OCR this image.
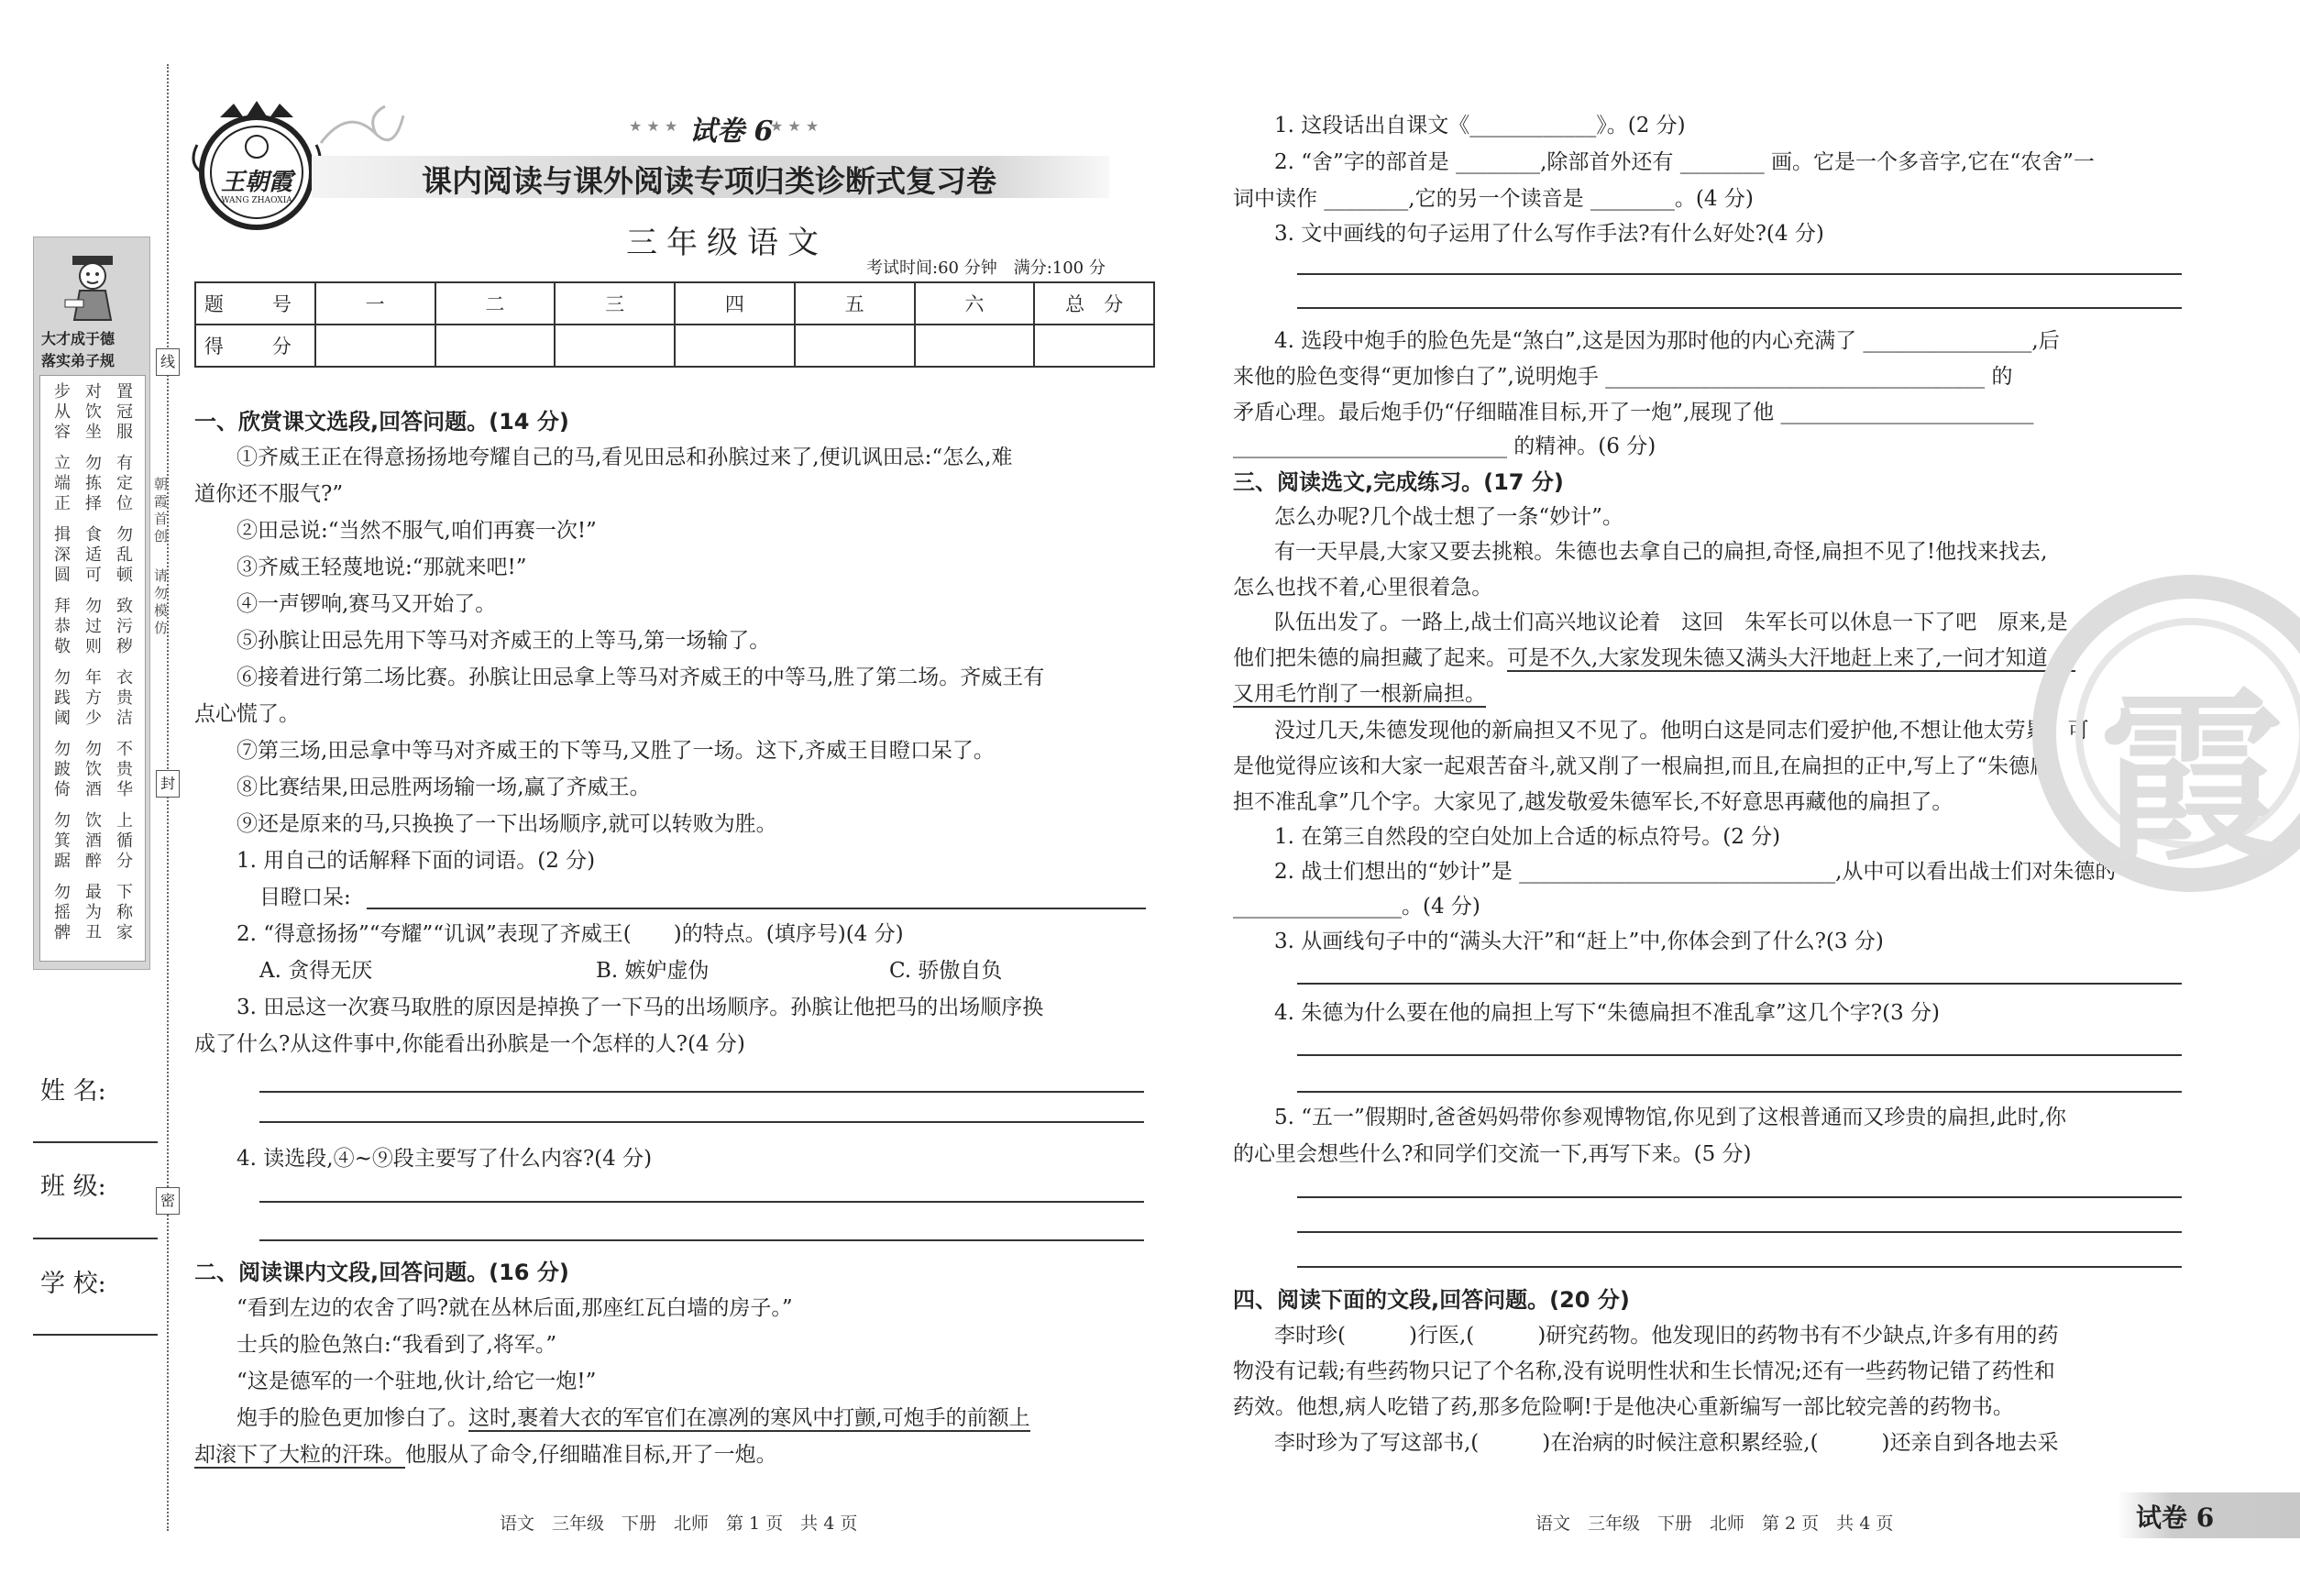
线
封
密
朝霞首创
请勿模仿
大才成于德
落实弟子规
步从容 对饮坐 置冠服
立端正 勿拣择 有定位
揖深圆 食适可 勿乱顿
拜恭敬 勿过则 致污秽
勿践阈 年方少 衣贵洁
勿跛倚 勿饮酒 不贵华
勿箕踞 饮酒醉 上循分
勿摇髀 最为丑 下称家
姓 名:
班 级:
学 校:
王朝霞
WANG ZHAOXIA
★ ★ ★ 试卷 6
★ ★ ★
课内阅读与课外阅读专项归类诊断式复习卷
三年级语文
考试时间:60 分钟　满分:100 分
题　号	一	二	三	四	五	六	总　分
得　分							
一、欣赏课文选段,回答问题。(14 分)
①齐威王正在得意扬扬地夸耀自己的马,看见田忌和孙膑过来了,便讥讽田忌:“怎么,难
道你还不服气?”
②田忌说:“当然不服气,咱们再赛一次!”
③齐威王轻蔑地说:“那就来吧!”
④一声锣响,赛马又开始了。
⑤孙膑让田忌先用下等马对齐威王的上等马,第一场输了。
⑥接着进行第二场比赛。孙膑让田忌拿上等马对齐威王的中等马,胜了第二场。齐威王有
点心慌了。
⑦第三场,田忌拿中等马对齐威王的下等马,又胜了一场。这下,齐威王目瞪口呆了。
⑧比赛结果,田忌胜两场输一场,赢了齐威王。
⑨还是原来的马,只换换了一下出场顺序,就可以转败为胜。
1. 用自己的话解释下面的词语。(2 分)
目瞪口呆:
2. “得意扬扬”“夸耀”“讥讽”表现了齐威王(　　)的特点。(填序号)(4 分)
A. 贪得无厌	B. 嫉妒虚伪	C. 骄傲自负
3. 田忌这一次赛马取胜的原因是掉换了一下马的出场顺序。孙膑让他把马的出场顺序换
成了什么?从这件事中,你能看出孙膑是一个怎样的人?(4 分)
4. 读选段,④~⑨段主要写了什么内容?(4 分)
二、阅读课内文段,回答问题。(16 分)
“看到左边的农舍了吗?就在丛林后面,那座红瓦白墙的房子。”
士兵的脸色煞白:“我看到了,将军。”
“这是德军的一个驻地,伙计,给它一炮!”
炮手的脸色更加惨白了。这时,裹着大衣的军官们在凛冽的寒风中打颤,可炮手的前额上
却滚下了大粒的汗珠。他服从了命令,仔细瞄准目标,开了一炮。
语文　三年级　下册　北师　第 1 页　共 4 页
1. 这段话出自课文《____________》。(2 分)
2. “舍”字的部首是 ________,除部首外还有 ________ 画。它是一个多音字,它在“农舍”一
词中读作 ________,它的另一个读音是 ________。(4 分)
3. 文中画线的句子运用了什么写作手法?有什么好处?(4 分)
4. 选段中炮手的脸色先是“煞白”,这是因为那时他的内心充满了 ________________,后
来他的脸色变得“更加惨白了”,说明炮手 ____________________________________ 的
矛盾心理。最后炮手仍“仔细瞄准目标,开了一炮”,展现了他 ________________________
__________________________ 的精神。(6 分)
三、阅读选文,完成练习。(17 分)
怎么办呢?几个战士想了一条“妙计”。
有一天早晨,大家又要去挑粮。朱德也去拿自己的扁担,奇怪,扁担不见了!他找来找去,
怎么也找不着,心里很着急。
队伍出发了。一路上,战士们高兴地议论着　这回　朱军长可以休息一下了吧　原来,是
他们把朱德的扁担藏了起来。可是不久,大家发现朱德又满头大汗地赶上来了,一问才知道,他
又用毛竹削了一根新扁担。
没过几天,朱德发现他的新扁担又不见了。他明白这是同志们爱护他,不想让他太劳累。可
是他觉得应该和大家一起艰苦奋斗,就又削了一根扁担,而且,在扁担的正中,写上了“朱德扁
担不准乱拿”几个字。大家见了,越发敬爱朱德军长,不好意思再藏他的扁担了。
1. 在第三自然段的空白处加上合适的标点符号。(2 分)
2. 战士们想出的“妙计”是 ______________________________,从中可以看出战士们对朱德的
________________。(4 分)
3. 从画线句子中的“满头大汗”和“赶上”中,你体会到了什么?(3 分)
4. 朱德为什么要在他的扁担上写下“朱德扁担不准乱拿”这几个字?(3 分)
5. “五一”假期时,爸爸妈妈带你参观博物馆,你见到了这根普通而又珍贵的扁担,此时,你
的心里会想些什么?和同学们交流一下,再写下来。(5 分)
四、阅读下面的文段,回答问题。(20 分)
李时珍(　　　)行医,(　　　)研究药物。他发现旧的药物书有不少缺点,许多有用的药
物没有记载;有些药物只记了个名称,没有说明性状和生长情况;还有一些药物记错了药性和
药效。他想,病人吃错了药,那多危险啊!于是他决心重新编写一部比较完善的药物书。
李时珍为了写这部书,(　　　)在治病的时候注意积累经验,(　　　)还亲自到各地去采
霞
语文　三年级　下册　北师　第 2 页　共 4 页	试卷 6
